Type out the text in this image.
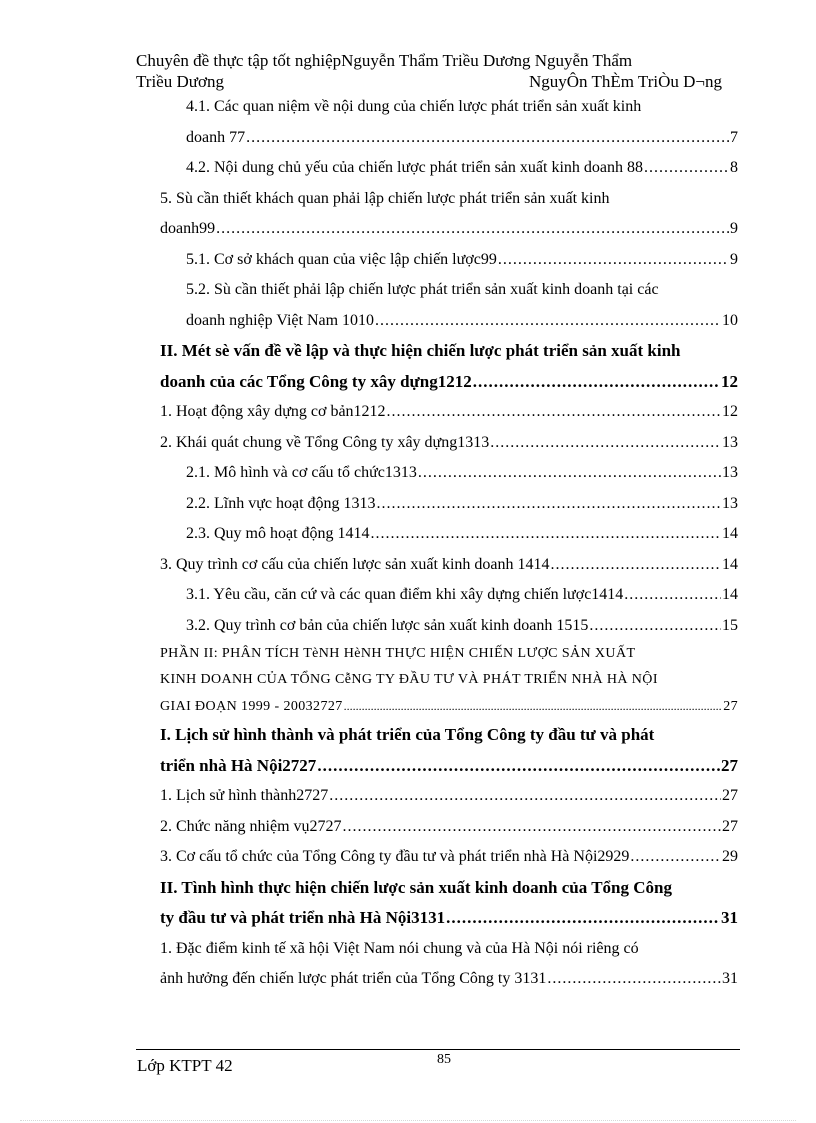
Chuyên đề thực tập tốt nghiệpNguyễn Thẩm Triều Dương Nguyễn Thẩm
Triều Dương	NguyÔn ThÈm TriÒu D¬ng
4.1. Các quan niệm về nội dung của chiến lược phát triển sản xuất kinh
doanh 77 .....	7
4.2. Nội dung chủ yếu của chiến lược phát triển sản xuất kinh doanh 88 .....	8
5. Sù cần thiết khách quan phải lập chiến lược phát triển sản xuất kinh
doanh99 .....	9
5.1. Cơ sở khách quan của việc lập chiến lược99 .....	9
5.2. Sù cần thiết phải lập chiến lược phát triển sản xuất kinh doanh tại các
doanh nghiệp Việt Nam 1010 .....	10
II. Mét sè vấn đề về lập và thực hiện chiến lược phát triển sản xuất kinh
doanh của các Tổng Công ty xây dựng1212 .....	12
1. Hoạt động xây dựng cơ bản1212 .....	12
2. Khái quát chung về Tổng Công ty xây dựng1313 .....	13
2.1. Mô hình và cơ cấu tổ chức1313 .....	13
2.2. Lĩnh vực hoạt động 1313 .....	13
2.3. Quy mô hoạt động 1414 .....	14
3. Quy trình cơ cấu của chiến lược sản xuất kinh doanh 1414 .....	14
3.1. Yêu cầu, căn cứ và các quan điểm khi xây dựng chiến lược1414 .....	14
3.2. Quy trình cơ bản của chiến lược sản xuất kinh doanh 1515 .....	15
PHẦN II: PHÂN TÍCH TèNH HèNH THỰC HIỆN CHIẾN LƯỢC SẢN XUẤT
KINH DOANH CỦA TỔNG CễNG TY ĐẦU TƯ VÀ PHÁT TRIỂN NHÀ HÀ NỘI
GIAI ĐOẠN 1999 - 20032727 .....	27
I. Lịch sử hình thành và phát triển của Tổng Công ty đầu tư và phát
triển nhà Hà Nội2727 .....	27
1. Lịch sử hình thành2727 .....	27
2. Chức năng nhiệm vụ2727 .....	27
3. Cơ cấu tổ chức của Tổng Công ty đầu tư và phát triển nhà Hà Nội2929 .....	29
II. Tình hình thực hiện chiến lược sản xuất kinh doanh của Tổng Công
ty đầu tư và phát triển nhà Hà Nội3131 .....	31
1. Đặc điểm kinh tế xã hội Việt Nam nói chung và của Hà Nội nói riêng có
ảnh hưởng đến chiến lược phát triển của Tổng Công ty 3131 .....	31
Lớp KTPT 42	85
